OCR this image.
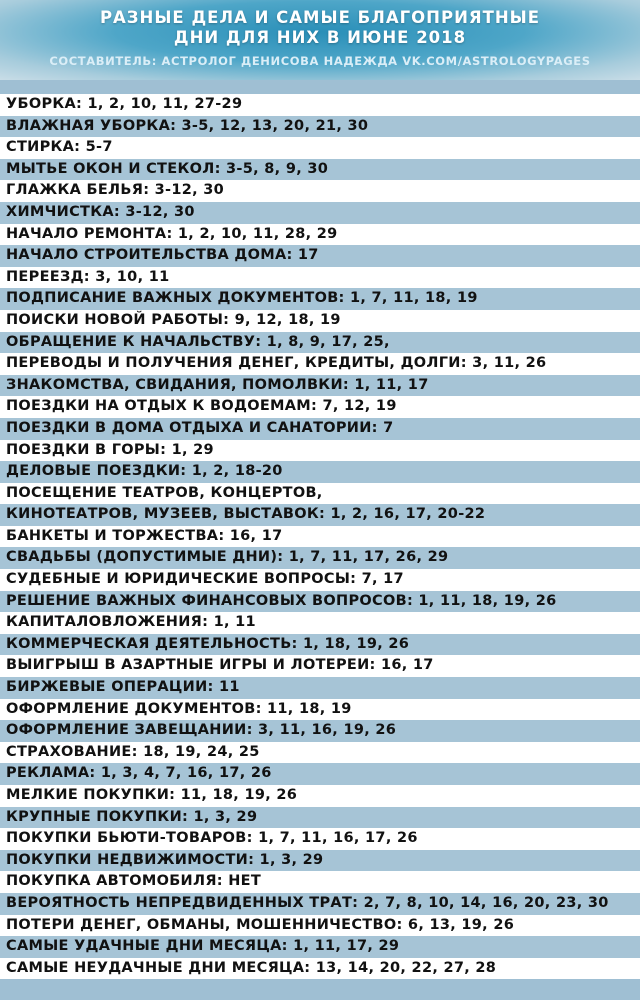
РАЗНЫЕ ДЕЛА И САМЫЕ БЛАГОПРИЯТНЫЕ
ДНИ ДЛЯ НИХ В ИЮНЕ 2018
СОСТАВИТЕЛЬ: АСТРОЛОГ ДЕНИСОВА НАДЕЖДА VK.COM/ASTROLOGYPAGES
УБОРКА: 1, 2, 10, 11, 27-29
ВЛАЖНАЯ УБОРКА: 3-5, 12, 13, 20, 21, 30
СТИРКА: 5-7
МЫТЬЕ ОКОН И СТЕКОЛ: 3-5, 8, 9, 30
ГЛАЖКА БЕЛЬЯ: 3-12, 30
ХИМЧИСТКА: 3-12, 30
НАЧАЛО РЕМОНТА: 1, 2, 10, 11, 28, 29
НАЧАЛО СТРОИТЕЛЬСТВА ДОМА: 17
ПЕРЕЕЗД: 3, 10, 11
ПОДПИСАНИЕ ВАЖНЫХ ДОКУМЕНТОВ: 1, 7, 11, 18, 19
ПОИСКИ НОВОЙ РАБОТЫ: 9, 12, 18, 19
ОБРАЩЕНИЕ К НАЧАЛЬСТВУ: 1, 8, 9, 17, 25,
ПЕРЕВОДЫ И ПОЛУЧЕНИЯ ДЕНЕГ, КРЕДИТЫ, ДОЛГИ: 3, 11, 26
ЗНАКОМСТВА, СВИДАНИЯ, ПОМОЛВКИ: 1, 11, 17
ПОЕЗДКИ НА ОТДЫХ К ВОДОЕМАМ: 7, 12, 19
ПОЕЗДКИ В ДОМА ОТДЫХА И САНАТОРИИ: 7
ПОЕЗДКИ В ГОРЫ: 1, 29
ДЕЛОВЫЕ ПОЕЗДКИ: 1, 2, 18-20
ПОСЕЩЕНИЕ ТЕАТРОВ, КОНЦЕРТОВ,
КИНОТЕАТРОВ, МУЗЕЕВ, ВЫСТАВОК: 1, 2, 16, 17, 20-22
БАНКЕТЫ И ТОРЖЕСТВА: 16, 17
СВАДЬБЫ (ДОПУСТИМЫЕ ДНИ): 1, 7, 11, 17, 26, 29
СУДЕБНЫЕ И ЮРИДИЧЕСКИЕ ВОПРОСЫ: 7, 17
РЕШЕНИЕ ВАЖНЫХ ФИНАНСОВЫХ ВОПРОСОВ: 1, 11, 18, 19, 26
КАПИТАЛОВЛОЖЕНИЯ: 1, 11
КОММЕРЧЕСКАЯ ДЕЯТЕЛЬНОСТЬ: 1, 18, 19, 26
ВЫИГРЫШ В АЗАРТНЫЕ ИГРЫ И ЛОТЕРЕИ: 16, 17
БИРЖЕВЫЕ ОПЕРАЦИИ: 11
ОФОРМЛЕНИЕ ДОКУМЕНТОВ: 11, 18, 19
ОФОРМЛЕНИЕ ЗАВЕЩАНИИ: 3, 11, 16, 19, 26
СТРАХОВАНИЕ: 18, 19, 24, 25
РЕКЛАМА: 1, 3, 4, 7, 16, 17, 26
МЕЛКИЕ ПОКУПКИ: 11, 18, 19, 26
КРУПНЫЕ ПОКУПКИ: 1, 3, 29
ПОКУПКИ БЬЮТИ-ТОВАРОВ: 1, 7, 11, 16, 17, 26
ПОКУПКИ НЕДВИЖИМОСТИ: 1, 3, 29
ПОКУПКА АВТОМОБИЛЯ: НЕТ
ВЕРОЯТНОСТЬ НЕПРЕДВИДЕННЫХ ТРАТ: 2, 7, 8, 10, 14, 16, 20, 23, 30
ПОТЕРИ ДЕНЕГ, ОБМАНЫ, МОШЕННИЧЕСТВО: 6, 13, 19, 26
САМЫЕ УДАЧНЫЕ ДНИ МЕСЯЦА: 1, 11, 17, 29
САМЫЕ НЕУДАЧНЫЕ ДНИ МЕСЯЦА: 13, 14, 20, 22, 27, 28
